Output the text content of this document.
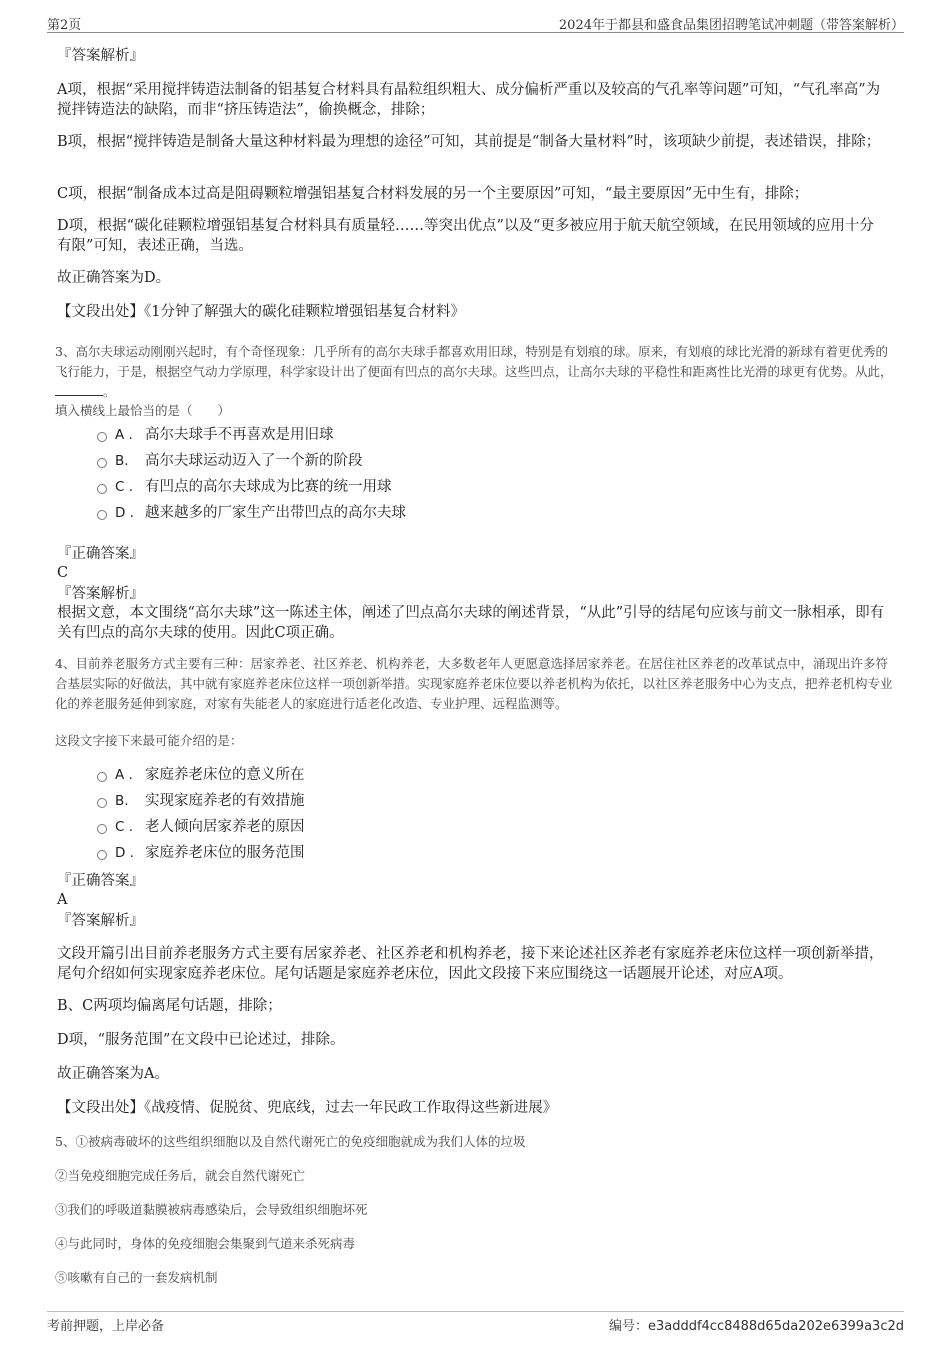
第2页	2024年于都县和盛食品集团招聘笔试冲刺题（带答案解析）

『答案解析』

A项，根据“采用搅拌铸造法制备的铝基复合材料具有晶粒组织粗大、成分偏析严重以及较高的气孔率等问题”可知，“气孔率高”为搅拌铸造法的缺陷，而非“挤压铸造法”，偷换概念，排除；

B项，根据“搅拌铸造是制备大量这种材料最为理想的途径”可知，其前提是“制备大量材料”时，该项缺少前提，表述错误，排除；

C项，根据“制备成本过高是阻碍颗粒增强铝基复合材料发展的另一个主要原因”可知，“最主要原因”无中生有，排除；

D项，根据“碳化硅颗粒增强铝基复合材料具有质量轻……等突出优点”以及“更多被应用于航天航空领域，在民用领域的应用十分有限”可知，表述正确，当选。

故正确答案为D。

【文段出处】《1分钟了解强大的碳化硅颗粒增强铝基复合材料》

3、高尔夫球运动刚刚兴起时，有个奇怪现象：几乎所有的高尔夫球手都喜欢用旧球，特别是有划痕的球。原来，有划痕的球比光滑的新球有着更优秀的飞行能力，于是，根据空气动力学原理，科学家设计出了便面有凹点的高尔夫球。这些凹点，让高尔夫球的平稳性和距离性比光滑的球更有优势。从此，。

填入横线上最恰当的是（　　）

A . 高尔夫球手不再喜欢是用旧球
B.	高尔夫球运动迈入了一个新的阶段
C . 有凹点的高尔夫球成为比赛的统一用球
D . 越来越多的厂家生产出带凹点的高尔夫球

『正确答案』

C

『答案解析』

根据文意，本文围绕“高尔夫球”这一陈述主体，阐述了凹点高尔夫球的阐述背景，“从此”引导的结尾句应该与前文一脉相承，即有关有凹点的高尔夫球的使用。因此C项正确。

4、目前养老服务方式主要有三种：居家养老、社区养老、机构养老，大多数老年人更愿意选择居家养老。在居住社区养老的改革试点中，涌现出许多符合基层实际的好做法，其中就有家庭养老床位这样一项创新举措。实现家庭养老床位要以养老机构为依托，以社区养老服务中心为支点，把养老机构专业化的养老服务延伸到家庭，对家有失能老人的家庭进行适老化改造、专业护理、远程监测等。

这段文字接下来最可能介绍的是：

A . 家庭养老床位的意义所在
B.	实现家庭养老的有效措施
C . 老人倾向居家养老的原因
D . 家庭养老床位的服务范围

『正确答案』

A

『答案解析』

文段开篇引出目前养老服务方式主要有居家养老、社区养老和机构养老，接下来论述社区养老有家庭养老床位这样一项创新举措，尾句介绍如何实现家庭养老床位。尾句话题是家庭养老床位，因此文段接下来应围绕这一话题展开论述，对应A项。

B、C两项均偏离尾句话题，排除；

D项，“服务范围”在文段中已论述过，排除。

故正确答案为A。

【文段出处】《战疫情、促脱贫、兜底线，过去一年民政工作取得这些新进展》

5、①被病毒破坏的这些组织细胞以及自然代谢死亡的免疫细胞就成为我们人体的垃圾

②当免疫细胞完成任务后，就会自然代谢死亡

③我们的呼吸道黏膜被病毒感染后，会导致组织细胞坏死

④与此同时，身体的免疫细胞会集聚到气道来杀死病毒

⑤咳嗽有自己的一套发病机制

考前押题，上岸必备	编号：e3adddf4cc8488d65da202e6399a3c2d
